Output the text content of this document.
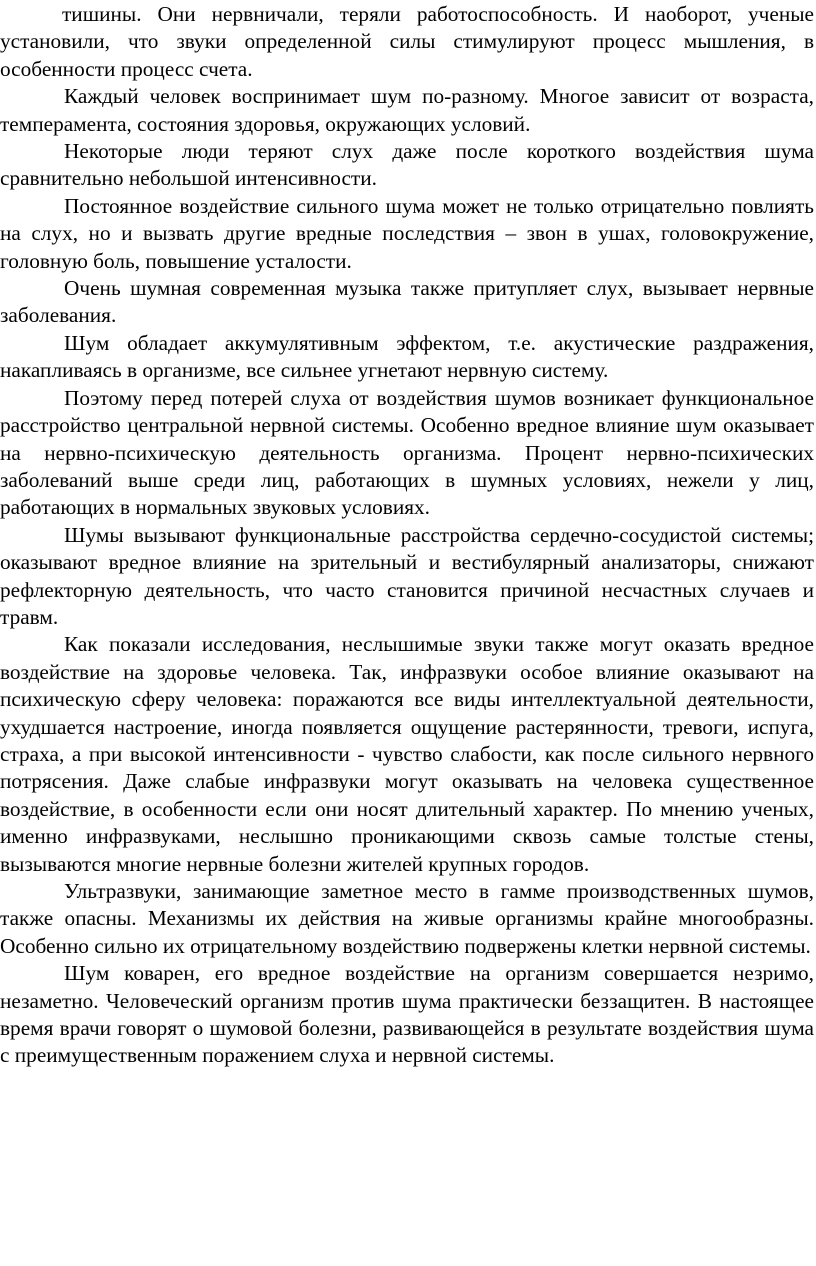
тишины. Они нервничали, теряли работоспособность. И наоборот, ученые установили, что звуки определенной силы стимулируют процесс мышления, в особенности процесс счета.

Каждый человек воспринимает шум по-разному. Многое зависит от возраста, темперамента, состояния здоровья, окружающих условий.

Некоторые люди теряют слух даже после короткого воздействия шума сравнительно небольшой интенсивности.

Постоянное воздействие сильного шума может не только отрицательно повлиять на слух, но и вызвать другие вредные последствия – звон в ушах, головокружение, головную боль, повышение усталости.

Очень шумная современная музыка также притупляет слух, вызывает нервные заболевания.

Шум обладает аккумулятивным эффектом, т.е. акустические раздражения, накапливаясь в организме, все сильнее угнетают нервную систему.

Поэтому перед потерей слуха от воздействия шумов возникает функциональное расстройство центральной нервной системы. Особенно вредное влияние шум оказывает на нервно-психическую деятельность организма. Процент нервно-психических заболеваний выше среди лиц, работающих в шумных условиях, нежели у лиц, работающих в нормальных звуковых условиях.

Шумы вызывают функциональные расстройства сердечно-сосудистой системы; оказывают вредное влияние на зрительный и вестибулярный анализаторы, снижают рефлекторную деятельность, что часто становится причиной несчастных случаев и травм.

Как показали исследования, неслышимые звуки также могут оказать вредное воздействие на здоровье человека. Так, инфразвуки особое влияние оказывают на психическую сферу человека: поражаются все виды интеллектуальной деятельности, ухудшается настроение, иногда появляется ощущение растерянности, тревоги, испуга, страха, а при высокой интенсивности - чувство слабости, как после сильного нервного потрясения. Даже слабые инфразвуки могут оказывать на человека существенное воздействие, в особенности если они носят длительный характер. По мнению ученых, именно инфразвуками, неслышно проникающими сквозь самые толстые стены, вызываются многие нервные болезни жителей крупных городов.

Ультразвуки, занимающие заметное место в гамме производственных шумов, также опасны. Механизмы их действия на живые организмы крайне многообразны. Особенно сильно их отрицательному воздействию подвержены клетки нервной системы.

Шум коварен, его вредное воздействие на организм совершается незримо, незаметно. Человеческий организм против шума практически беззащитен. В настоящее время врачи говорят о шумовой болезни, развивающейся в результате воздействия шума с преимущественным поражением слуха и нервной системы.
